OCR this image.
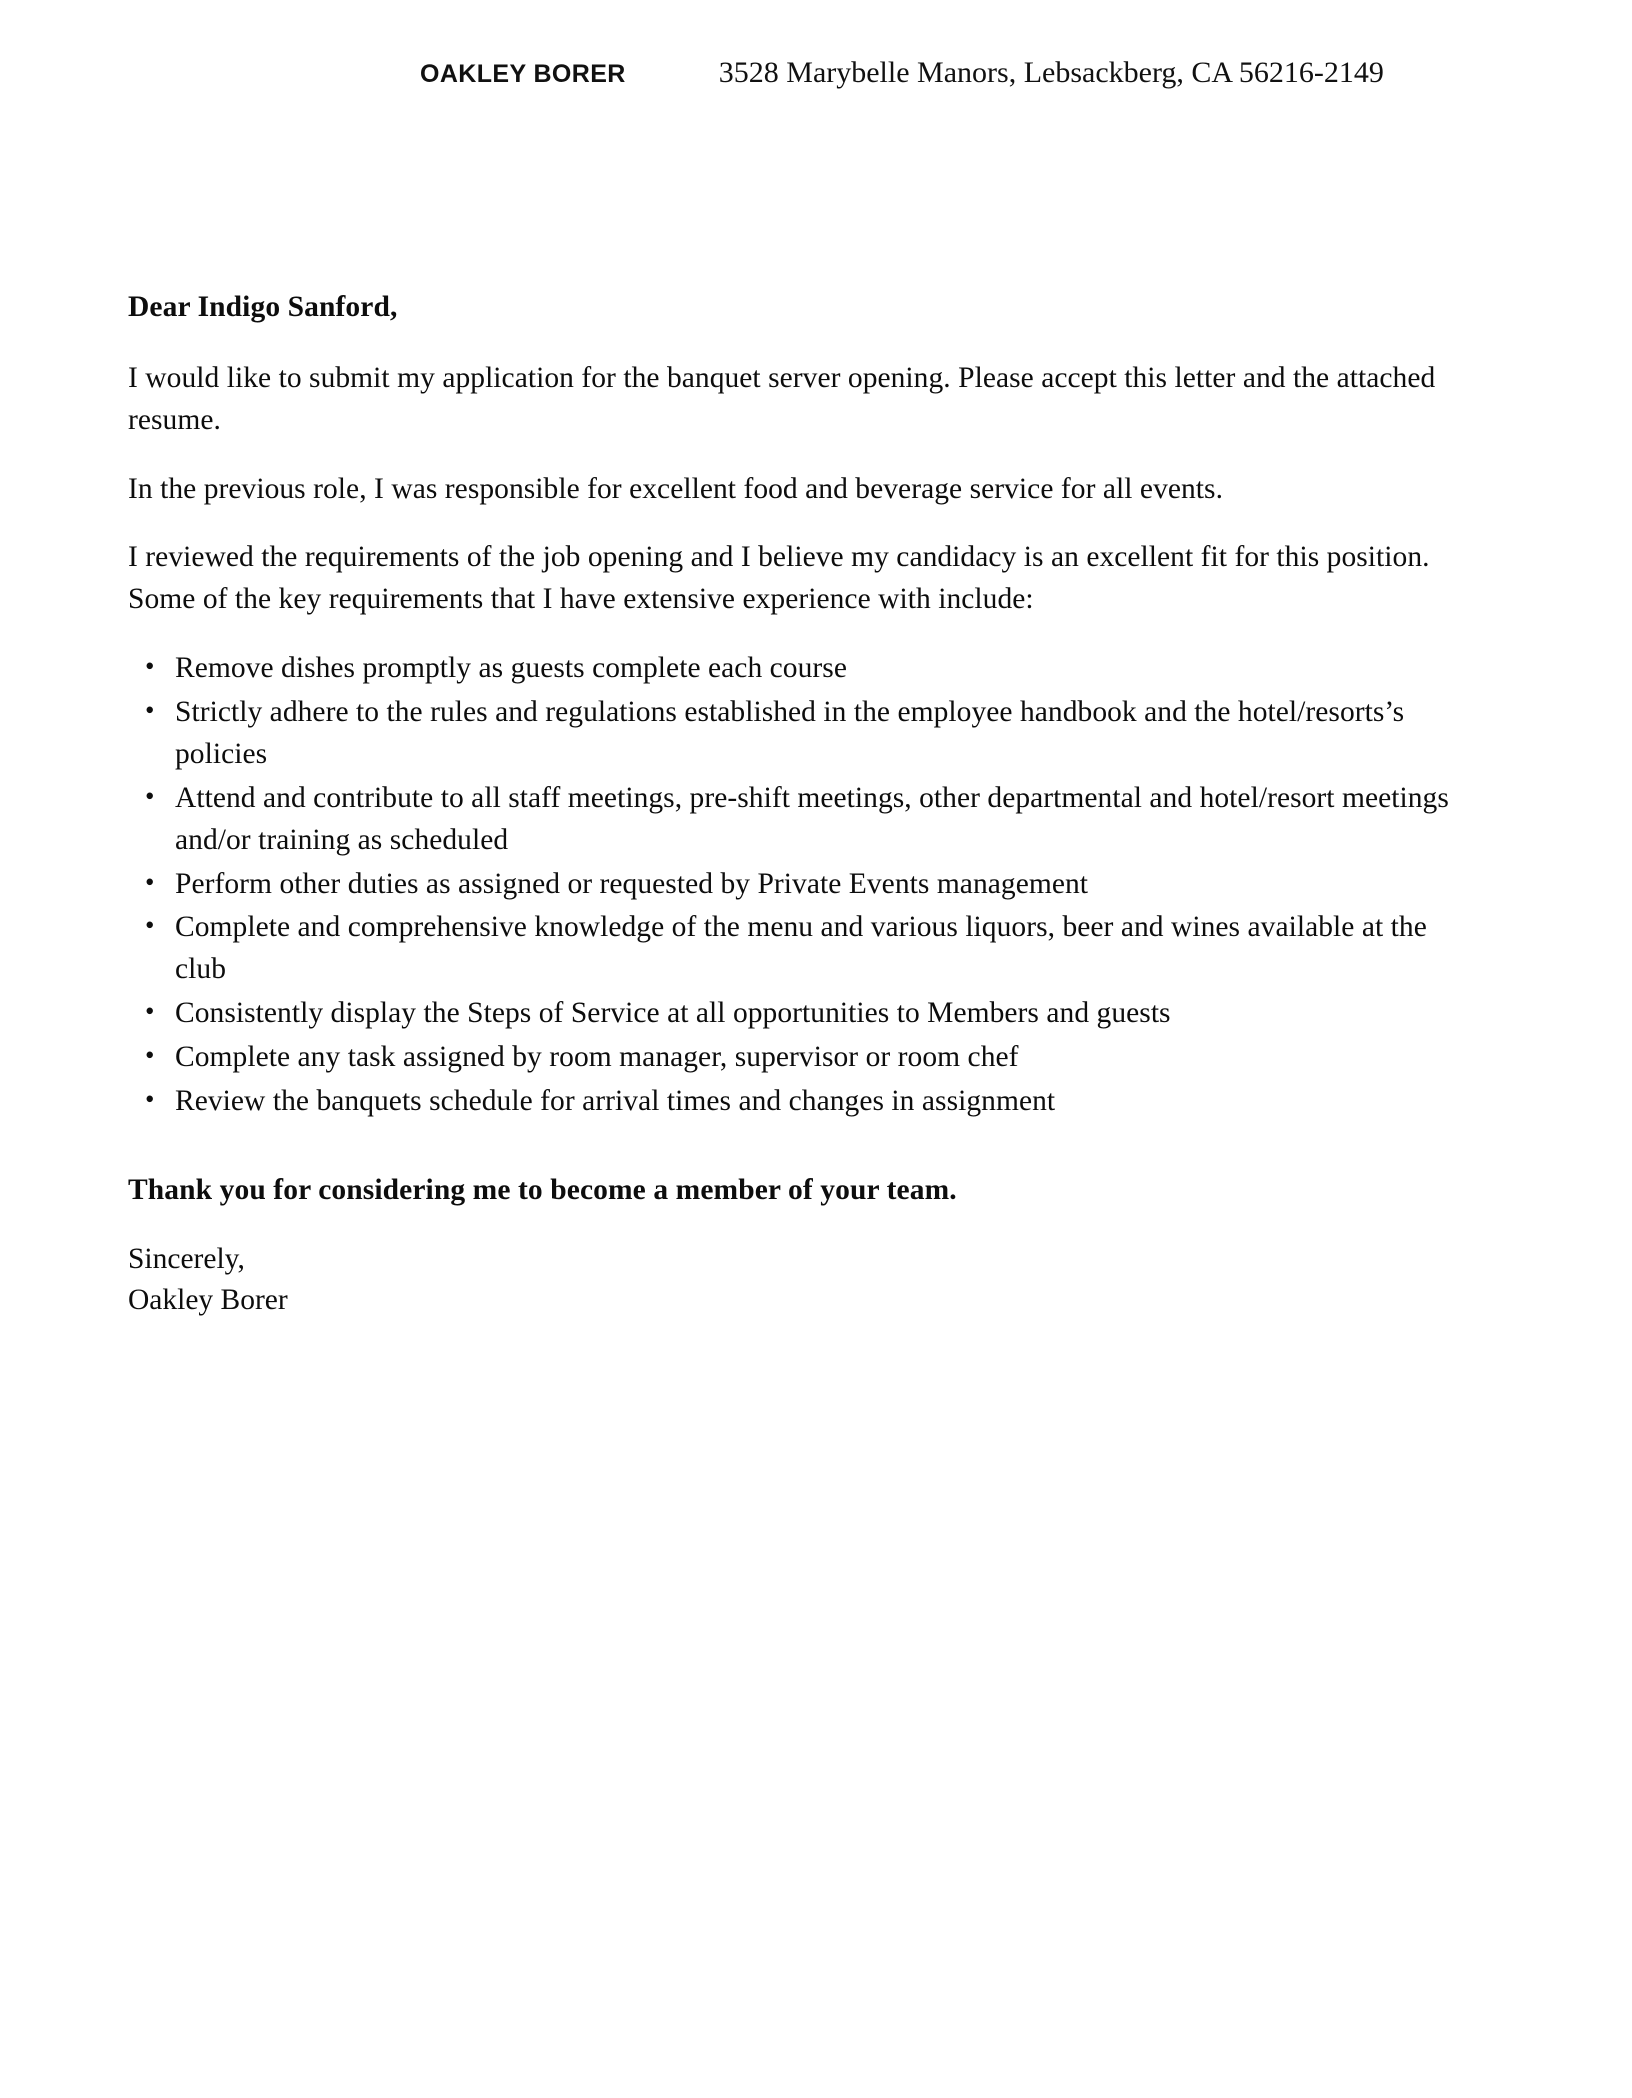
OAKLEY BORER	3528 Marybelle Manors, Lebsackberg, CA 56216-2149

Dear Indigo Sanford,

I would like to submit my application for the banquet server opening. Please accept this letter and the attached resume.

In the previous role, I was responsible for excellent food and beverage service for all events.

I reviewed the requirements of the job opening and I believe my candidacy is an excellent fit for this position. Some of the key requirements that I have extensive experience with include:

• Remove dishes promptly as guests complete each course
• Strictly adhere to the rules and regulations established in the employee handbook and the hotel/resorts’s policies
• Attend and contribute to all staff meetings, pre-shift meetings, other departmental and hotel/resort meetings and/or training as scheduled
• Perform other duties as assigned or requested by Private Events management
• Complete and comprehensive knowledge of the menu and various liquors, beer and wines available at the club
• Consistently display the Steps of Service at all opportunities to Members and guests
• Complete any task assigned by room manager, supervisor or room chef
• Review the banquets schedule for arrival times and changes in assignment

Thank you for considering me to become a member of your team.

Sincerely,
Oakley Borer
